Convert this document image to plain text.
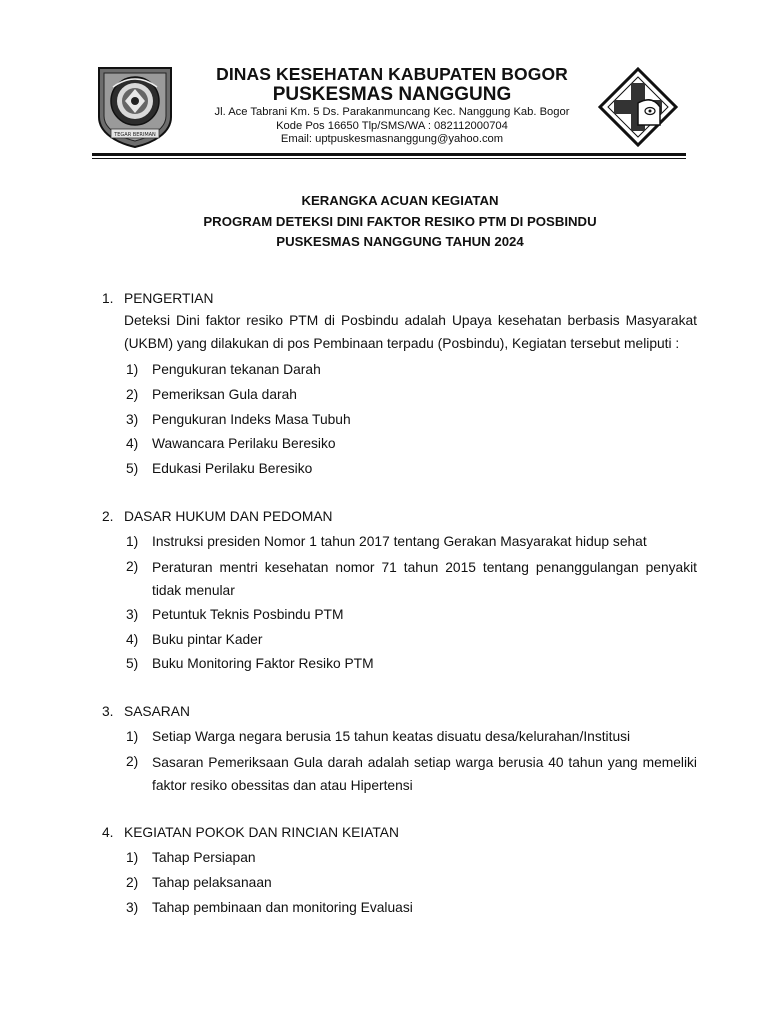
TEGAR BERIMAN
DINAS KESEHATAN KABUPATEN BOGOR
PUSKESMAS NANGGUNG
Jl. Ace Tabrani Km. 5 Ds. Parakanmuncang Kec. Nanggung Kab. Bogor
Kode Pos 16650 Tlp/SMS/WA : 082112000704
Email: uptpuskesmasnanggung@yahoo.com
KERANGKA ACUAN KEGIATAN
PROGRAM DETEKSI DINI FAKTOR RESIKO PTM DI POSBINDU
PUSKESMAS NANGGUNG TAHUN 2024
1. PENGERTIAN
Deteksi Dini faktor resiko PTM di Posbindu adalah Upaya kesehatan berbasis Masyarakat (UKBM) yang dilakukan di pos Pembinaan terpadu (Posbindu), Kegiatan tersebut meliputi :
1) Pengukuran tekanan Darah
2) Pemeriksan Gula darah
3) Pengukuran Indeks Masa Tubuh
4) Wawancara Perilaku Beresiko
5) Edukasi Perilaku Beresiko
2. DASAR HUKUM DAN PEDOMAN
1) Instruksi presiden Nomor 1 tahun 2017 tentang Gerakan Masyarakat hidup sehat
2) Peraturan mentri kesehatan nomor 71 tahun 2015 tentang penanggulangan penyakit tidak menular
3) Petuntuk Teknis Posbindu PTM
4) Buku pintar Kader
5) Buku Monitoring Faktor Resiko PTM
3. SASARAN
1) Setiap Warga negara berusia 15 tahun keatas disuatu desa/kelurahan/Institusi
2) Sasaran Pemeriksaan Gula darah adalah setiap warga berusia 40 tahun yang memeliki faktor resiko obessitas dan atau Hipertensi
4. KEGIATAN POKOK DAN RINCIAN KEIATAN
1) Tahap Persiapan
2) Tahap pelaksanaan
3) Tahap pembinaan dan monitoring Evaluasi
